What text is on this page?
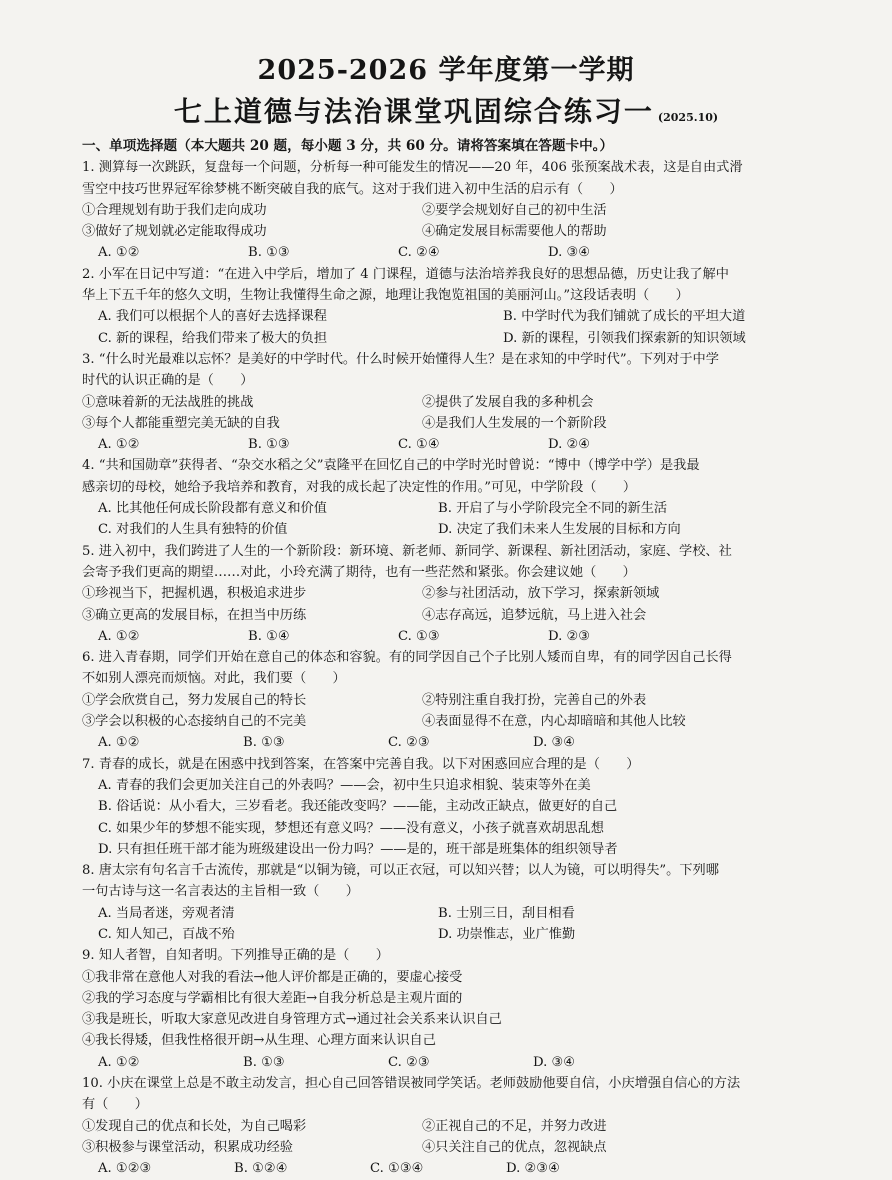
2025-2026 学年度第一学期
七上道德与法治课堂巩固综合练习一 (2025.10)
一、单项选择题（本大题共 20 题，每小题 3 分，共 60 分。请将答案填在答题卡中。）
1. 测算每一次跳跃，复盘每一个问题，分析每一种可能发生的情况——20 年，406 张预案战术表，这是自由式滑
雪空中技巧世界冠军徐梦桃不断突破自我的底气。这对于我们进入初中生活的启示有（　　）
①合理规划有助于我们走向成功	②要学会规划好自己的初中生活
③做好了规划就必定能取得成功	④确定发展目标需要他人的帮助
A. ①②	B. ①③	C. ②④	D. ③④
2. 小军在日记中写道：“在进入中学后，增加了 4 门课程，道德与法治培养我良好的思想品德，历史让我了解中
华上下五千年的悠久文明，生物让我懂得生命之源，地理让我饱览祖国的美丽河山。”这段话表明（　　）
A. 我们可以根据个人的喜好去选择课程	B. 中学时代为我们铺就了成长的平坦大道
C. 新的课程，给我们带来了极大的负担	D. 新的课程，引领我们探索新的知识领域
3. “什么时光最难以忘怀？是美好的中学时代。什么时候开始懂得人生？是在求知的中学时代”。下列对于中学
时代的认识正确的是（　　）
①意味着新的无法战胜的挑战	②提供了发展自我的多种机会
③每个人都能重塑完美无缺的自我	④是我们人生发展的一个新阶段
A. ①②	B. ①③	C. ①④	D. ②④
4. “共和国勋章”获得者、“杂交水稻之父”袁隆平在回忆自己的中学时光时曾说：“博中（博学中学）是我最
感亲切的母校，她给予我培养和教育，对我的成长起了决定性的作用。”可见，中学阶段（　　）
A. 比其他任何成长阶段都有意义和价值	B. 开启了与小学阶段完全不同的新生活
C. 对我们的人生具有独特的价值	D. 决定了我们未来人生发展的目标和方向
5. 进入初中，我们跨进了人生的一个新阶段：新环境、新老师、新同学、新课程、新社团活动，家庭、学校、社
会寄予我们更高的期望……对此，小玲充满了期待，也有一些茫然和紧张。你会建议她（　　）
①珍视当下，把握机遇，积极追求进步	②参与社团活动，放下学习，探索新领域
③确立更高的发展目标，在担当中历练	④志存高远，追梦远航，马上进入社会
A. ①②	B. ①④	C. ①③	D. ②③
6. 进入青春期，同学们开始在意自己的体态和容貌。有的同学因自己个子比别人矮而自卑，有的同学因自己长得
不如别人漂亮而烦恼。对此，我们要（　　）
①学会欣赏自己，努力发展自己的特长	②特别注重自我打扮，完善自己的外表
③学会以积极的心态接纳自己的不完美	④表面显得不在意，内心却暗暗和其他人比较
A. ①②	B. ①③	C. ②③	D. ③④
7. 青春的成长，就是在困惑中找到答案，在答案中完善自我。以下对困惑回应合理的是（　　）
A. 青春的我们会更加关注自己的外表吗？——会，初中生只追求相貌、装束等外在美
B. 俗话说：从小看大，三岁看老。我还能改变吗？——能，主动改正缺点，做更好的自己
C. 如果少年的梦想不能实现，梦想还有意义吗？——没有意义，小孩子就喜欢胡思乱想
D. 只有担任班干部才能为班级建设出一份力吗？——是的，班干部是班集体的组织领导者
8. 唐太宗有句名言千古流传，那就是“以铜为镜，可以正衣冠，可以知兴替；以人为镜，可以明得失”。下列哪
一句古诗与这一名言表达的主旨相一致（　　）
A. 当局者迷，旁观者清	B. 士别三日，刮目相看
C. 知人知己，百战不殆	D. 功崇惟志，业广惟勤
9. 知人者智，自知者明。下列推导正确的是（　　）
①我非常在意他人对我的看法→他人评价都是正确的，要虚心接受
②我的学习态度与学霸相比有很大差距→自我分析总是主观片面的
③我是班长，听取大家意见改进自身管理方式→通过社会关系来认识自己
④我长得矮，但我性格很开朗→从生理、心理方面来认识自己
A. ①②	B. ①③	C. ②③	D. ③④
10. 小庆在课堂上总是不敢主动发言，担心自己回答错误被同学笑话。老师鼓励他要自信，小庆增强自信心的方法
有（　　）
①发现自己的优点和长处，为自己喝彩	②正视自己的不足，并努力改进
③积极参与课堂活动，积累成功经验	④只关注自己的优点，忽视缺点
A. ①②③	B. ①②④	C. ①③④	D. ②③④
